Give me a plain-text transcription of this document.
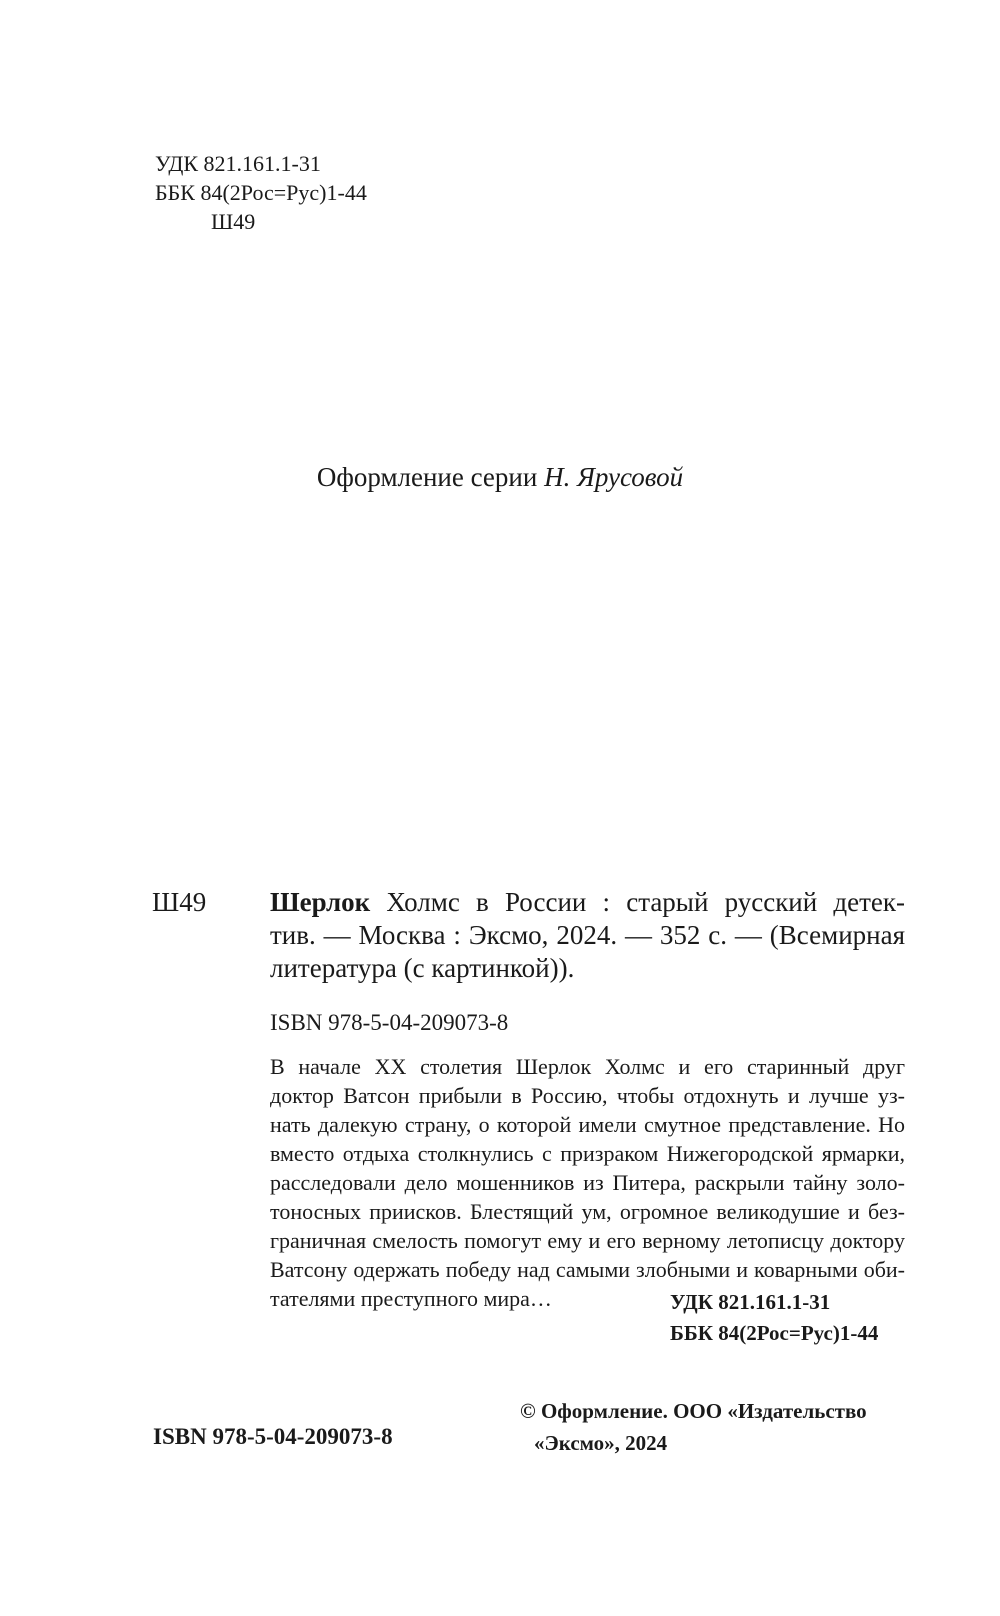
УДК 821.161.1-31
ББК 84(2Рос=Рус)1-44
Ш49
Оформление серии Н. Ярусовой
Ш49 Шерлок Холмс в России : старый русский детек-
тив. — Москва : Эксмо, 2024. — 352 с. — (Всемирная
литература (с картинкой)).
ISBN 978-5-04-209073-8
В начале XX столетия Шерлок Холмс и его старинный друг
доктор Ватсон прибыли в Россию, чтобы отдохнуть и лучше уз-
нать далекую страну, о которой имели смутное представление. Но
вместо отдыха столкнулись с призраком Нижегородской ярмарки,
расследовали дело мошенников из Питера, раскрыли тайну золо-
тоносных приисков. Блестящий ум, огромное великодушие и без-
граничная смелость помогут ему и его верному летописцу доктору
Ватсону одержать победу над самыми злобными и коварными оби-
тателями преступного мира…	УДК 821.161.1-31
ББК 84(2Рос=Рус)1-44
ISBN 978-5-04-209073-8
© Оформление. ООО «Издательство
«Эксмо», 2024
